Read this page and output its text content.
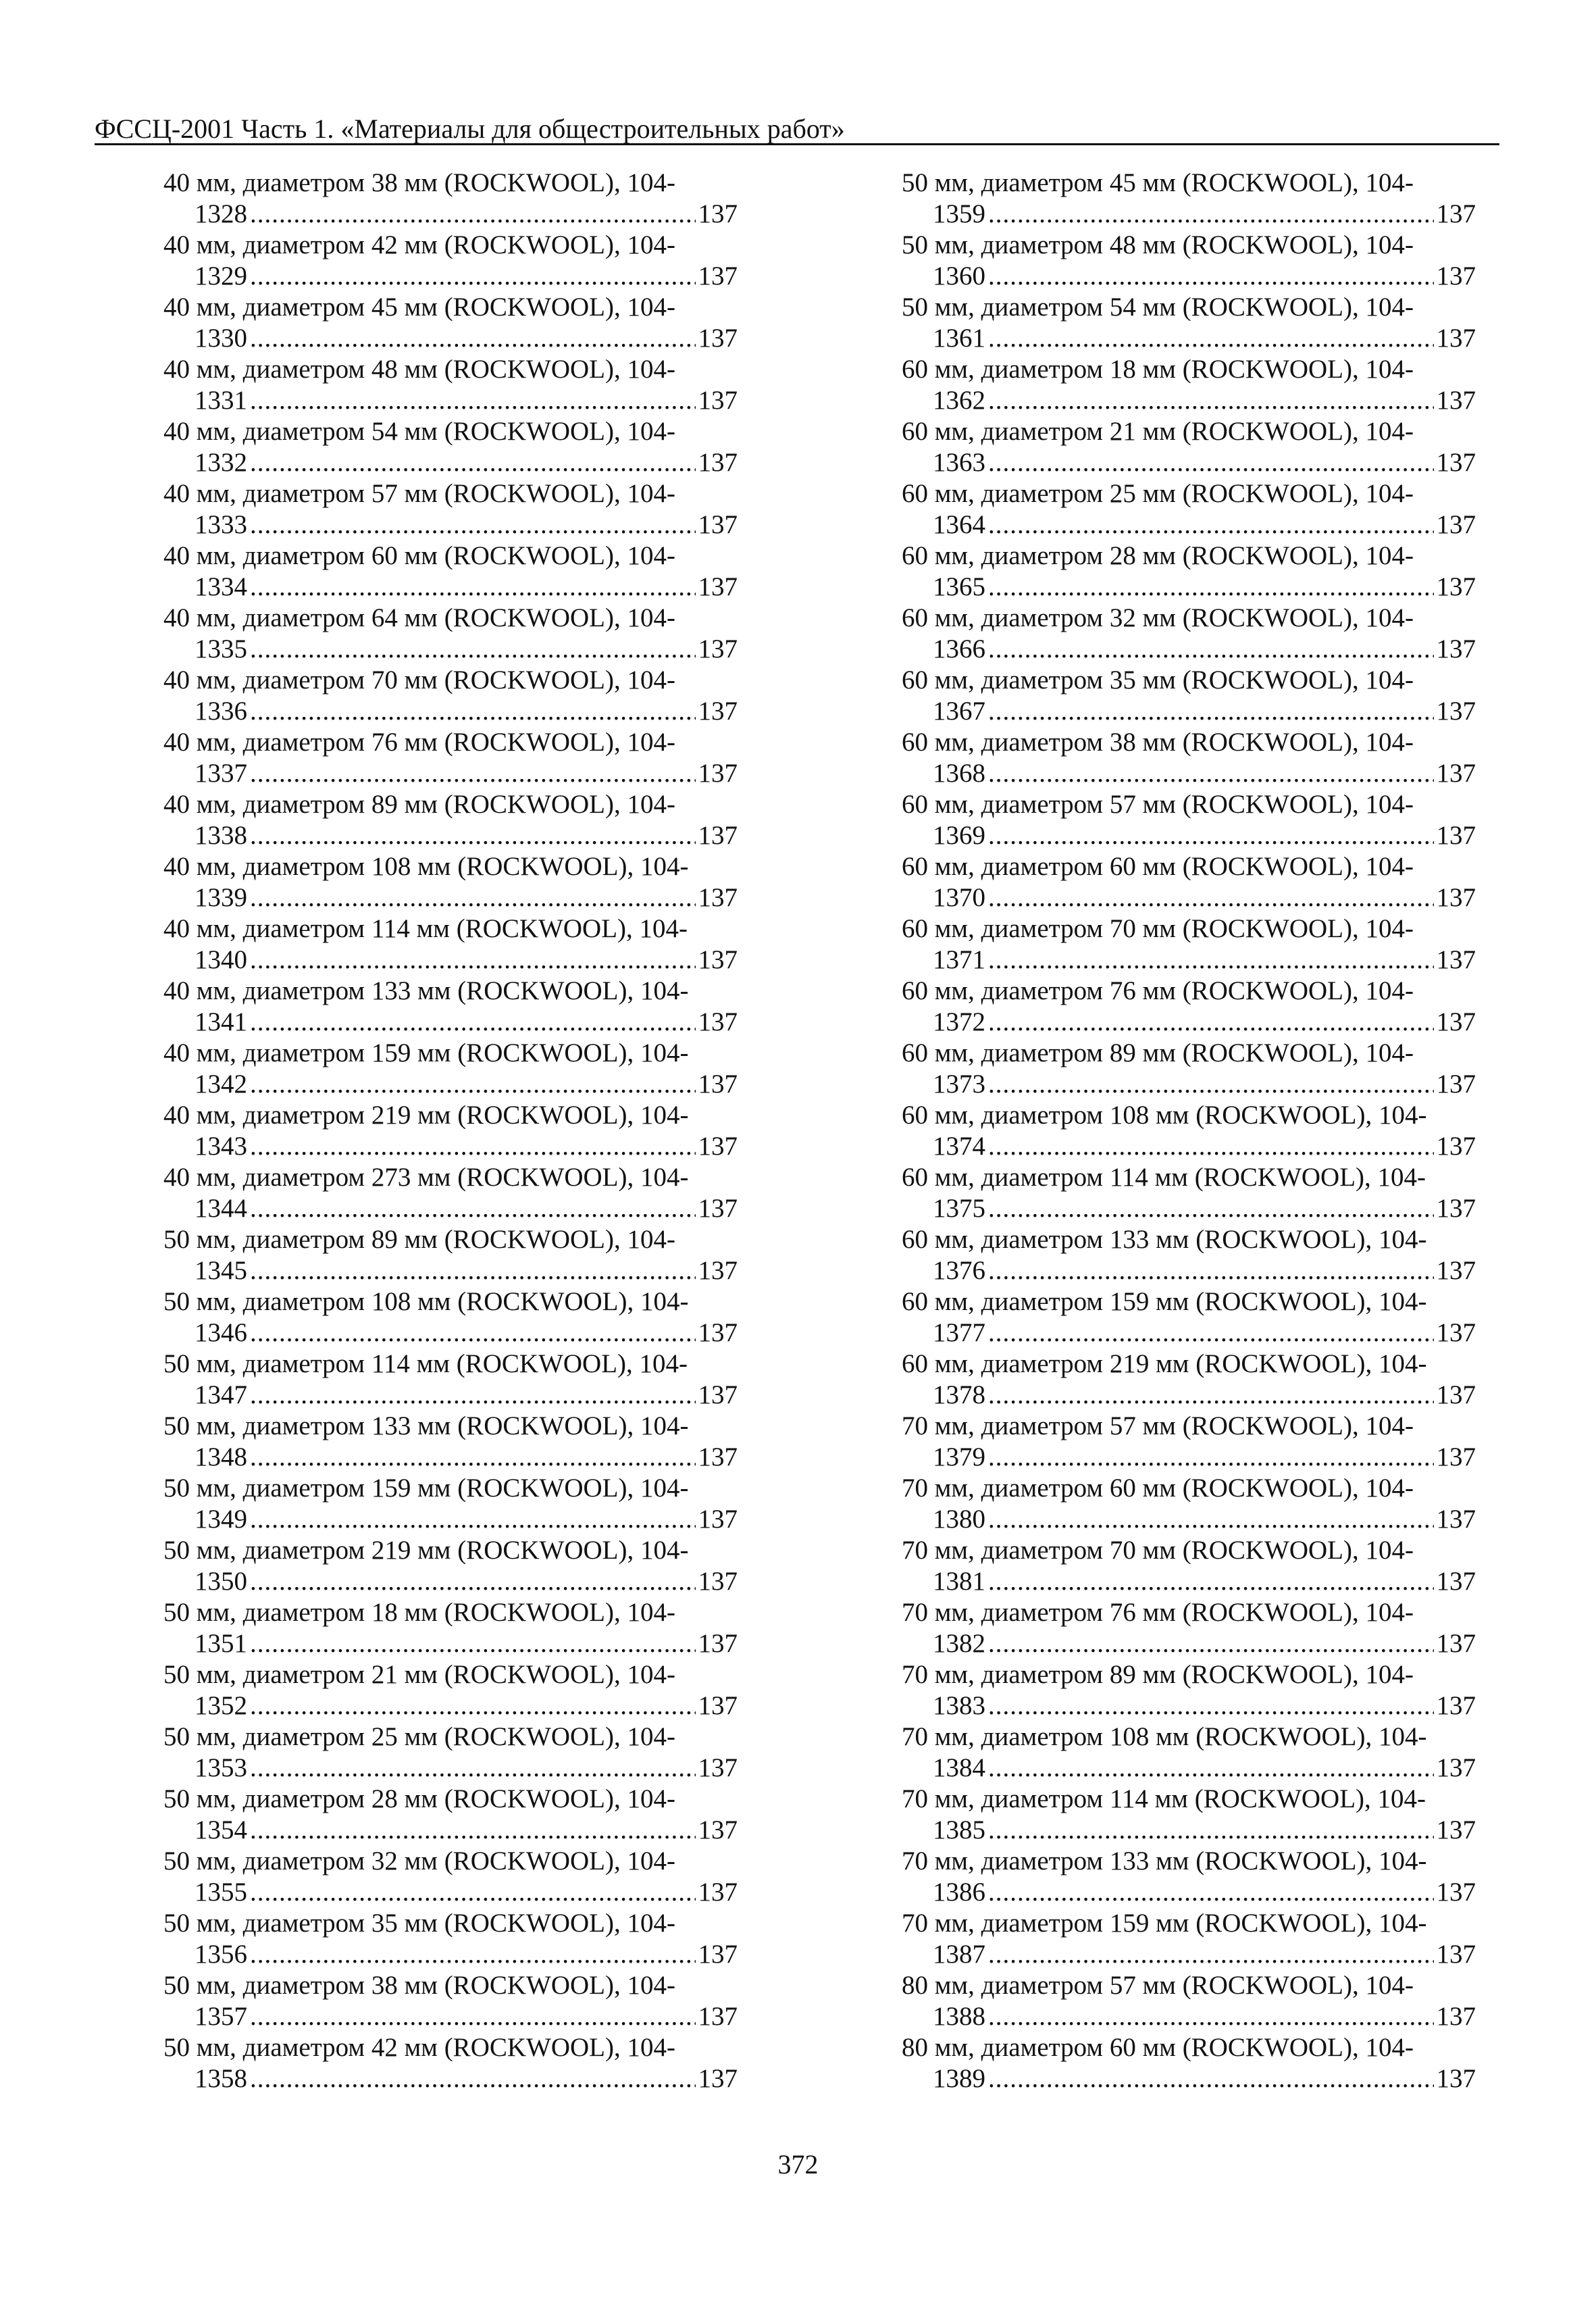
ФССЦ-2001 Часть 1. «Материалы для общестроительных работ»
40 мм, диаметром 38 мм (ROCKWOOL), 104-
1328 .....	137
40 мм, диаметром 42 мм (ROCKWOOL), 104-
1329 .....	137
40 мм, диаметром 45 мм (ROCKWOOL), 104-
1330 .....	137
40 мм, диаметром 48 мм (ROCKWOOL), 104-
1331 .....	137
40 мм, диаметром 54 мм (ROCKWOOL), 104-
1332 .....	137
40 мм, диаметром 57 мм (ROCKWOOL), 104-
1333 .....	137
40 мм, диаметром 60 мм (ROCKWOOL), 104-
1334 .....	137
40 мм, диаметром 64 мм (ROCKWOOL), 104-
1335 .....	137
40 мм, диаметром 70 мм (ROCKWOOL), 104-
1336 .....	137
40 мм, диаметром 76 мм (ROCKWOOL), 104-
1337 .....	137
40 мм, диаметром 89 мм (ROCKWOOL), 104-
1338 .....	137
40 мм, диаметром 108 мм (ROCKWOOL), 104-
1339 .....	137
40 мм, диаметром 114 мм (ROCKWOOL), 104-
1340 .....	137
40 мм, диаметром 133 мм (ROCKWOOL), 104-
1341 .....	137
40 мм, диаметром 159 мм (ROCKWOOL), 104-
1342 .....	137
40 мм, диаметром 219 мм (ROCKWOOL), 104-
1343 .....	137
40 мм, диаметром 273 мм (ROCKWOOL), 104-
1344 .....	137
50 мм, диаметром 89 мм (ROCKWOOL), 104-
1345 .....	137
50 мм, диаметром 108 мм (ROCKWOOL), 104-
1346 .....	137
50 мм, диаметром 114 мм (ROCKWOOL), 104-
1347 .....	137
50 мм, диаметром 133 мм (ROCKWOOL), 104-
1348 .....	137
50 мм, диаметром 159 мм (ROCKWOOL), 104-
1349 .....	137
50 мм, диаметром 219 мм (ROCKWOOL), 104-
1350 .....	137
50 мм, диаметром 18 мм (ROCKWOOL), 104-
1351 .....	137
50 мм, диаметром 21 мм (ROCKWOOL), 104-
1352 .....	137
50 мм, диаметром 25 мм (ROCKWOOL), 104-
1353 .....	137
50 мм, диаметром 28 мм (ROCKWOOL), 104-
1354 .....	137
50 мм, диаметром 32 мм (ROCKWOOL), 104-
1355 .....	137
50 мм, диаметром 35 мм (ROCKWOOL), 104-
1356 .....	137
50 мм, диаметром 38 мм (ROCKWOOL), 104-
1357 .....	137
50 мм, диаметром 42 мм (ROCKWOOL), 104-
1358 .....	137
50 мм, диаметром 45 мм (ROCKWOOL), 104-
1359 .....	137
50 мм, диаметром 48 мм (ROCKWOOL), 104-
1360 .....	137
50 мм, диаметром 54 мм (ROCKWOOL), 104-
1361 .....	137
60 мм, диаметром 18 мм (ROCKWOOL), 104-
1362 .....	137
60 мм, диаметром 21 мм (ROCKWOOL), 104-
1363 .....	137
60 мм, диаметром 25 мм (ROCKWOOL), 104-
1364 .....	137
60 мм, диаметром 28 мм (ROCKWOOL), 104-
1365 .....	137
60 мм, диаметром 32 мм (ROCKWOOL), 104-
1366 .....	137
60 мм, диаметром 35 мм (ROCKWOOL), 104-
1367 .....	137
60 мм, диаметром 38 мм (ROCKWOOL), 104-
1368 .....	137
60 мм, диаметром 57 мм (ROCKWOOL), 104-
1369 .....	137
60 мм, диаметром 60 мм (ROCKWOOL), 104-
1370 .....	137
60 мм, диаметром 70 мм (ROCKWOOL), 104-
1371 .....	137
60 мм, диаметром 76 мм (ROCKWOOL), 104-
1372 .....	137
60 мм, диаметром 89 мм (ROCKWOOL), 104-
1373 .....	137
60 мм, диаметром 108 мм (ROCKWOOL), 104-
1374 .....	137
60 мм, диаметром 114 мм (ROCKWOOL), 104-
1375 .....	137
60 мм, диаметром 133 мм (ROCKWOOL), 104-
1376 .....	137
60 мм, диаметром 159 мм (ROCKWOOL), 104-
1377 .....	137
60 мм, диаметром 219 мм (ROCKWOOL), 104-
1378 .....	137
70 мм, диаметром 57 мм (ROCKWOOL), 104-
1379 .....	137
70 мм, диаметром 60 мм (ROCKWOOL), 104-
1380 .....	137
70 мм, диаметром 70 мм (ROCKWOOL), 104-
1381 .....	137
70 мм, диаметром 76 мм (ROCKWOOL), 104-
1382 .....	137
70 мм, диаметром 89 мм (ROCKWOOL), 104-
1383 .....	137
70 мм, диаметром 108 мм (ROCKWOOL), 104-
1384 .....	137
70 мм, диаметром 114 мм (ROCKWOOL), 104-
1385 .....	137
70 мм, диаметром 133 мм (ROCKWOOL), 104-
1386 .....	137
70 мм, диаметром 159 мм (ROCKWOOL), 104-
1387 .....	137
80 мм, диаметром 57 мм (ROCKWOOL), 104-
1388 .....	137
80 мм, диаметром 60 мм (ROCKWOOL), 104-
1389 .....	137
372
